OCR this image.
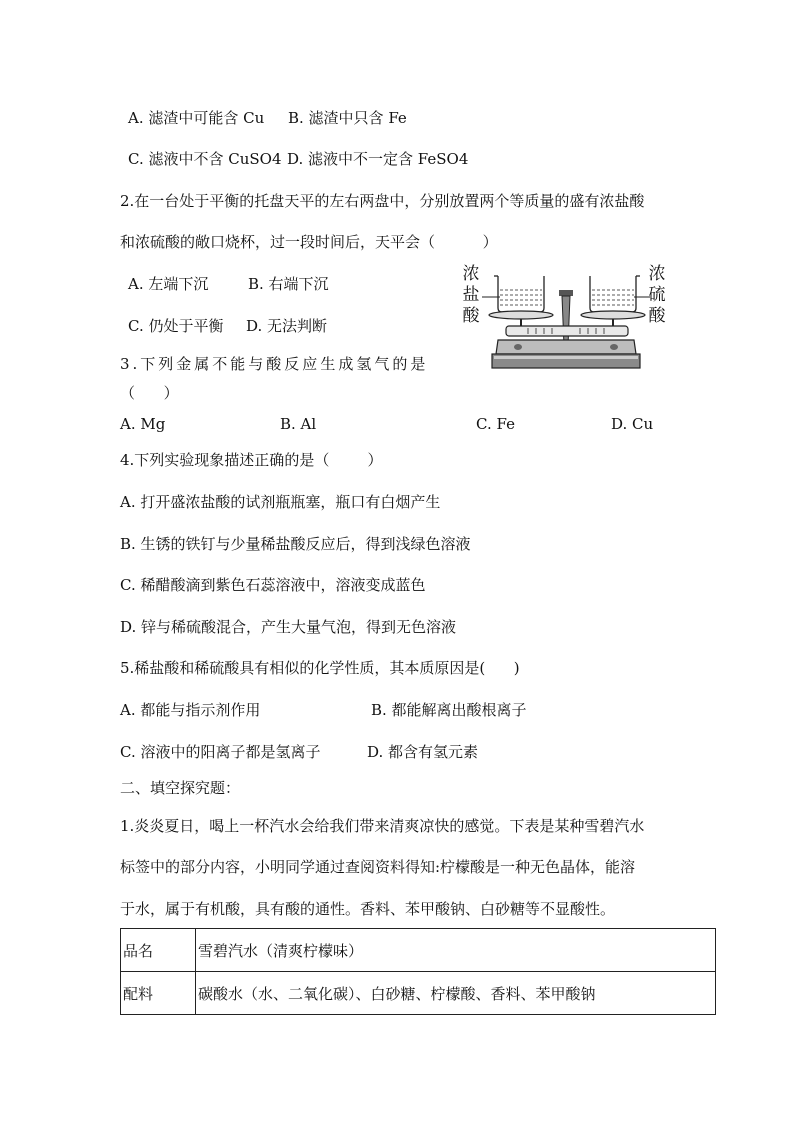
A. 滤渣中可能含 Cu B. 滤渣中只含 Fe
C. 滤液中不含 CuSO4 D. 滤液中不一定含 FeSO4
2.在一台处于平衡的托盘天平的左右两盘中，分别放置两个等质量的盛有浓盐酸
和浓硫酸的敞口烧杯，过一段时间后，天平会（          ）
A. 左端下沉	B. 右端下沉
C. 仍处于平衡 D. 无法判断
浓
盐
酸
浓
硫
酸
3.下列金属不能与酸反应生成氢气的是
（      ）
A. Mg	B. Al	C. Fe	D. Cu
4.下列实验现象描述正确的是（        ）
A. 打开盛浓盐酸的试剂瓶瓶塞，瓶口有白烟产生
B. 生锈的铁钉与少量稀盐酸反应后，得到浅绿色溶液
C. 稀醋酸滴到紫色石蕊溶液中，溶液变成蓝色
D. 锌与稀硫酸混合，产生大量气泡，得到无色溶液
5.稀盐酸和稀硫酸具有相似的化学性质，其本质原因是(      )
A. 都能与指示剂作用	B. 都能解离出酸根离子
C. 溶液中的阳离子都是氢离子	D. 都含有氢元素
二、填空探究题：
1.炎炎夏日，喝上一杯汽水会给我们带来清爽凉快的感觉。下表是某种雪碧汽水
标签中的部分内容，小明同学通过查阅资料得知:柠檬酸是一种无色晶体，能溶
于水，属于有机酸，具有酸的通性。香料、苯甲酸钠、白砂糖等不显酸性。
品名	雪碧汽水（清爽柠檬味）
配料	碳酸水（水、二氧化碳）、白砂糖、柠檬酸、香料、苯甲酸钠
